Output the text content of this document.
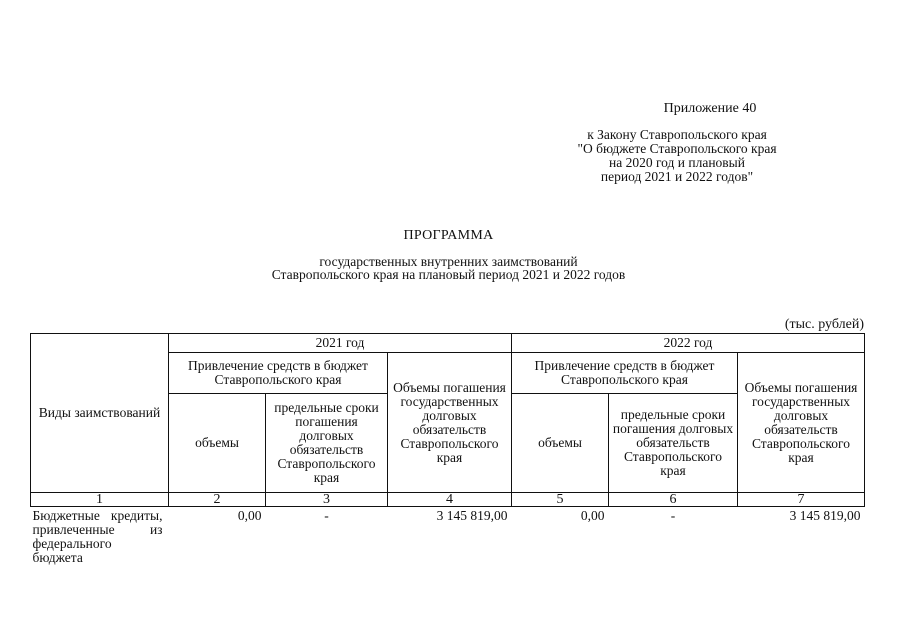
Приложение 40
к Закону Ставропольского края
"О бюджете Ставропольского края
на 2020 год и плановый
период 2021 и 2022 годов"
ПРОГРАММА
государственных внутренних заимствований
Ставропольского края на плановый период 2021 и 2022 годов
(тыс. рублей)
Виды заимствований	2021 год			2022 год		
	Привлечение средств в бюджет Ставропольского края		Объемы погашения государственных долговых обязательств Ставропольского края	Привлечение средств в бюджет Ставропольского края		Объемы погашения государственных долговых обязательств Ставропольского края
	объемы	предельные сроки погашения долговых обязательств Ставропольского края		объемы	предельные сроки погашения долговых обязательств Ставропольского края	
1	2	3	4	5	6	7
Бюджетные кредиты, привлеченные из федерального бюджета	0,00	-	3 145 819,00	0,00	-	3 145 819,00
